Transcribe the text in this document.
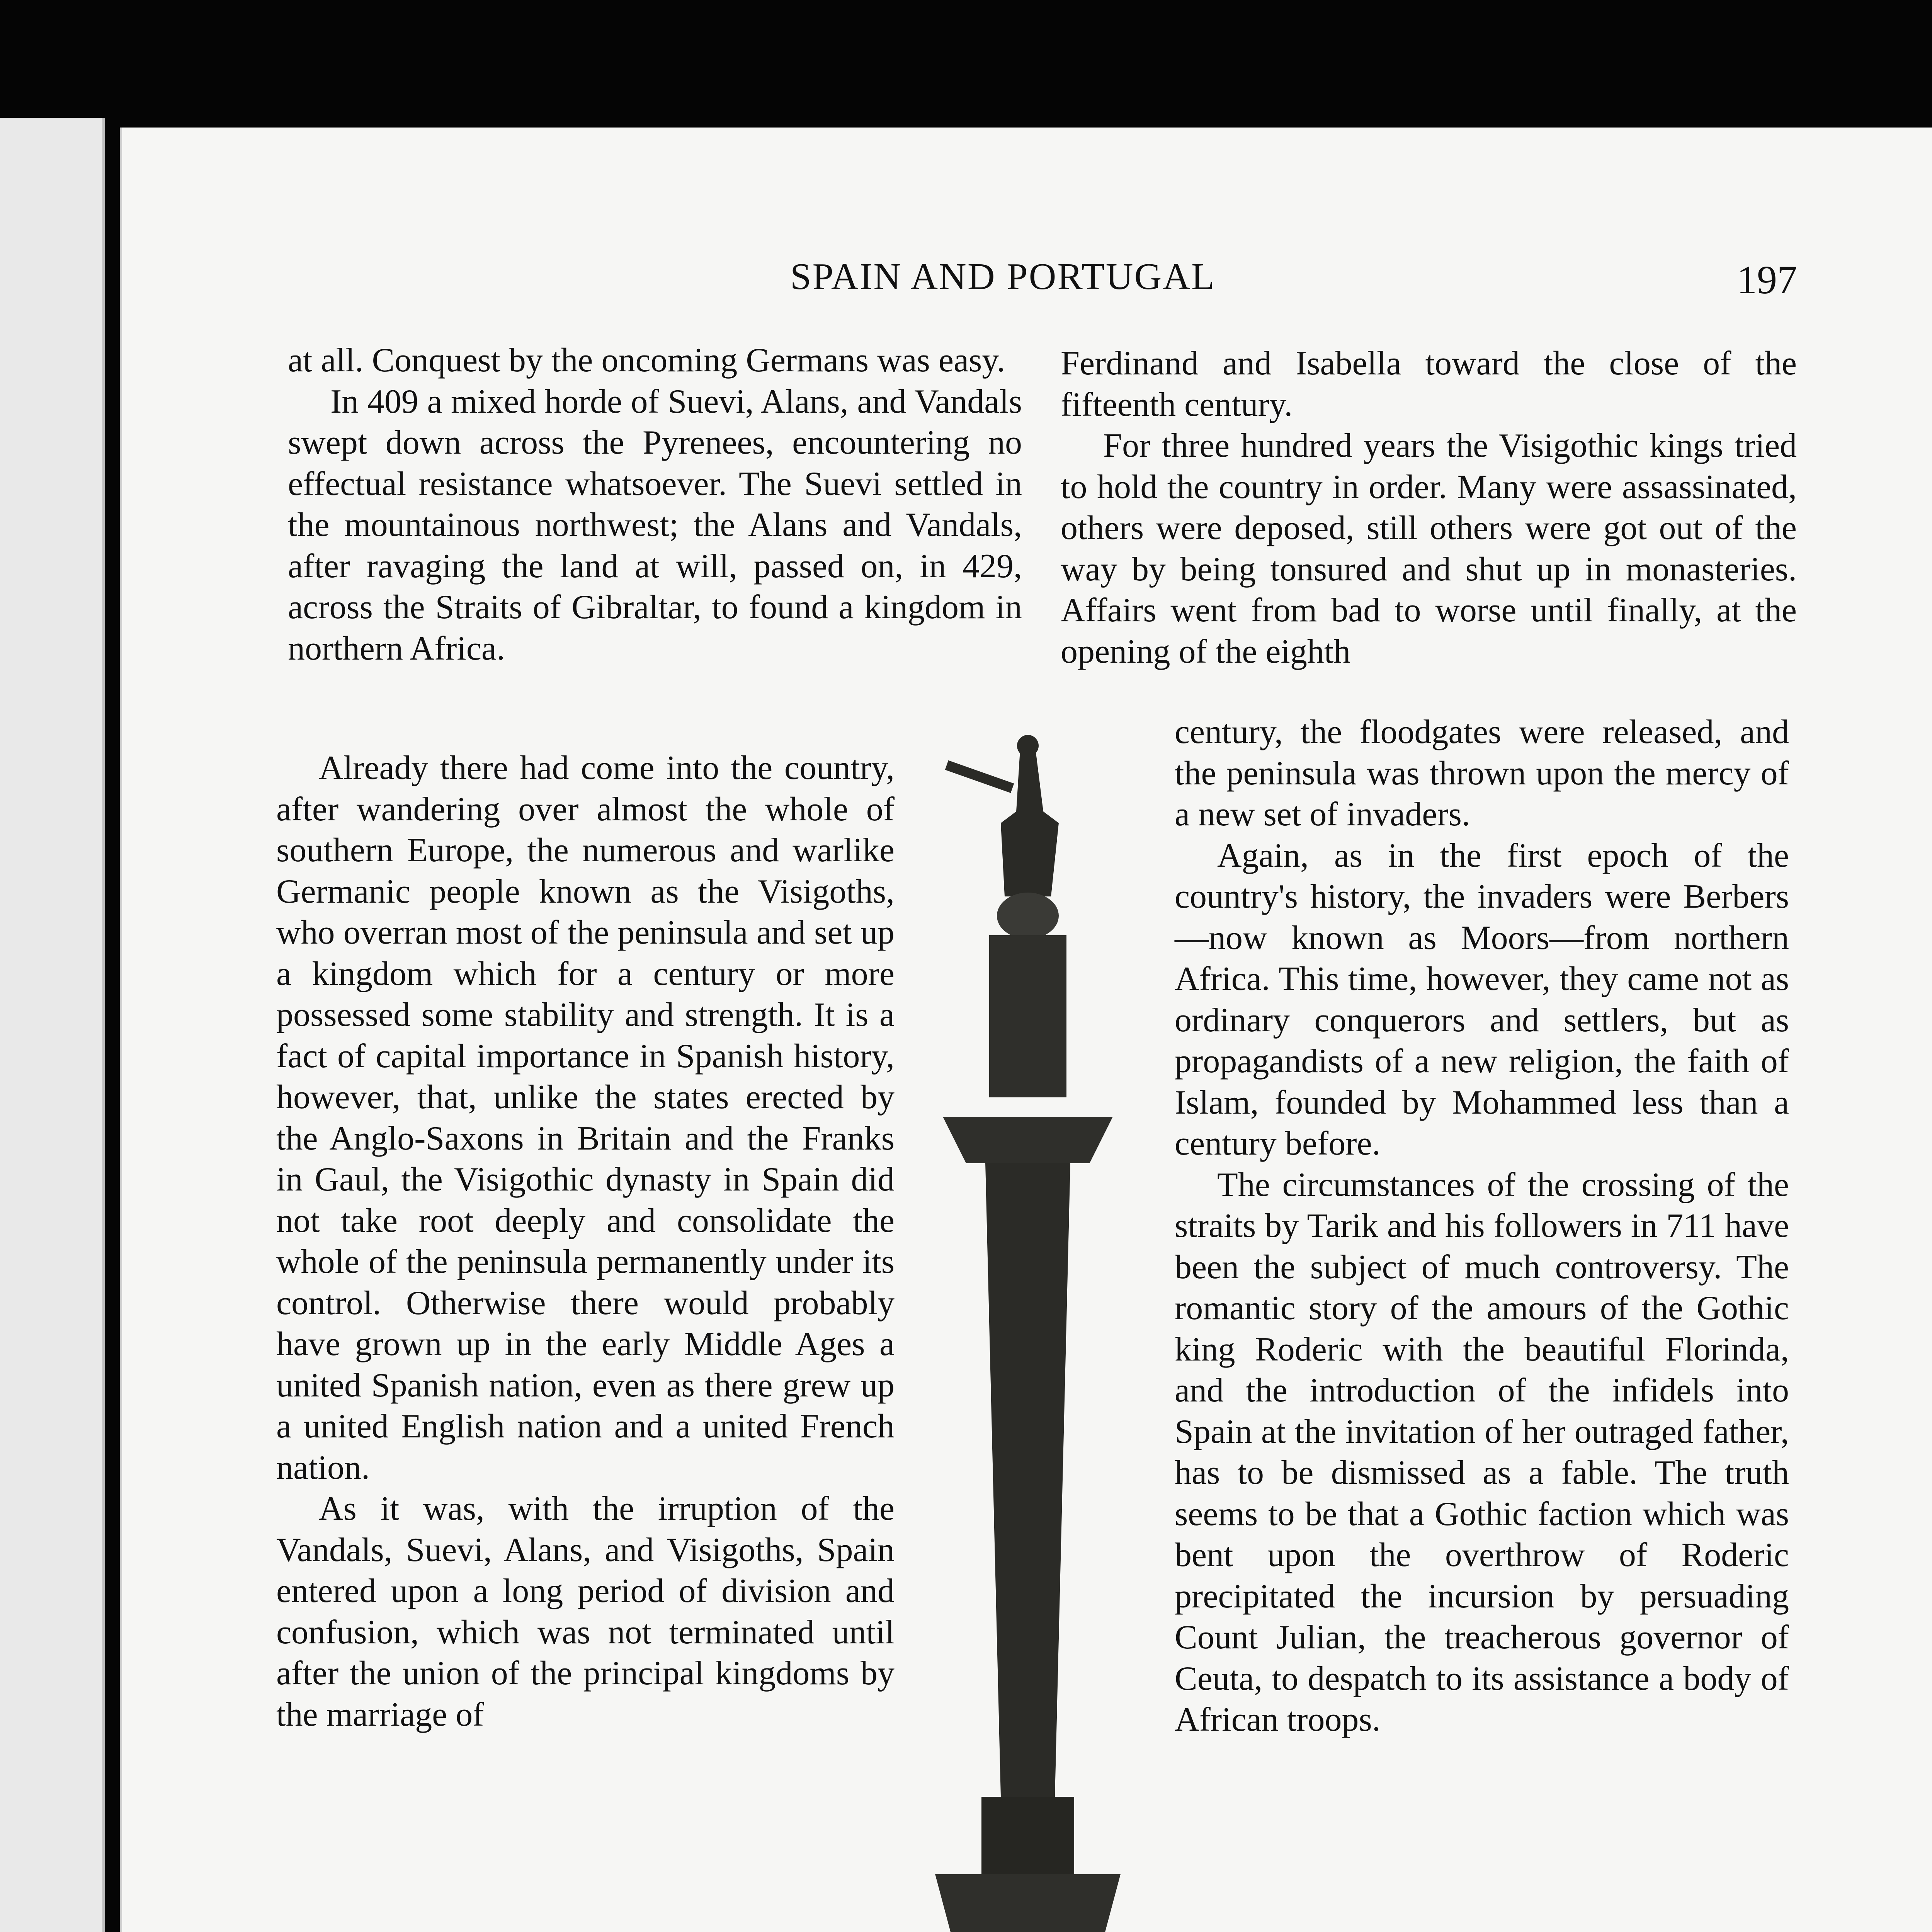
SPAIN AND PORTUGAL	197

at all. Conquest by the oncoming Germans was easy.

In 409 a mixed horde of Suevi, Alans, and Vandals swept down across the Pyrenees, encountering no effectual resistance whatsoever. The Suevi settled in the mountainous northwest; the Alans and Vandals, after ravaging the land at will, passed on, in 429, across the Straits of Gibraltar, to found a kingdom in northern Africa.

Already there had come into the country, after wandering over almost the whole of southern Europe, the numerous and warlike Germanic people known as the Visigoths, who overran most of the peninsula and set up a kingdom which for a century or more possessed some stability and strength. It is a fact of capital importance in Spanish history, however, that, unlike the states erected by the Anglo-Saxons in Britain and the Franks in Gaul, the Visigothic dynasty in Spain did not take root deeply and consolidate the whole of the peninsula permanently under its control. Otherwise there would probably have grown up in the early Middle Ages a united Spanish nation, even as there grew up a united English nation and a united French nation.

As it was, with the irruption of the Vandals, Suevi, Alans, and Visigoths, Spain entered upon a long period of division and confusion, which was not terminated until after the union of the principal kingdoms by the marriage of

Ferdinand and Isabella toward the close of the fifteenth century.

For three hundred years the Visigothic kings tried to hold the country in order. Many were assassinated, others were deposed, still others were got out of the way by being tonsured and shut up in monasteries. Affairs went from bad to worse until finally, at the opening of the eighth

century, the floodgates were released, and the peninsula was thrown upon the mercy of a new set of invaders.

Again, as in the first epoch of the country's history, the invaders were Berbers—now known as Moors—from northern Africa. This time, however, they came not as ordinary conquerors and settlers, but as propagandists of a new religion, the faith of Islam, founded by Mohammed less than a century before.

The circumstances of the crossing of the straits by Tarik and his followers in 711 have been the subject of much controversy. The romantic story of the amours of the Gothic king Roderic with the beautiful Florinda, and the introduction of the infidels into Spain at the invitation of her outraged father, has to be dismissed as a fable. The truth seems to be that a Gothic faction which was bent upon the overthrow of Roderic precipitated the incursion by persuading Count Julian, the treacherous governor of Ceuta, to despatch to its assistance a body of African troops.
